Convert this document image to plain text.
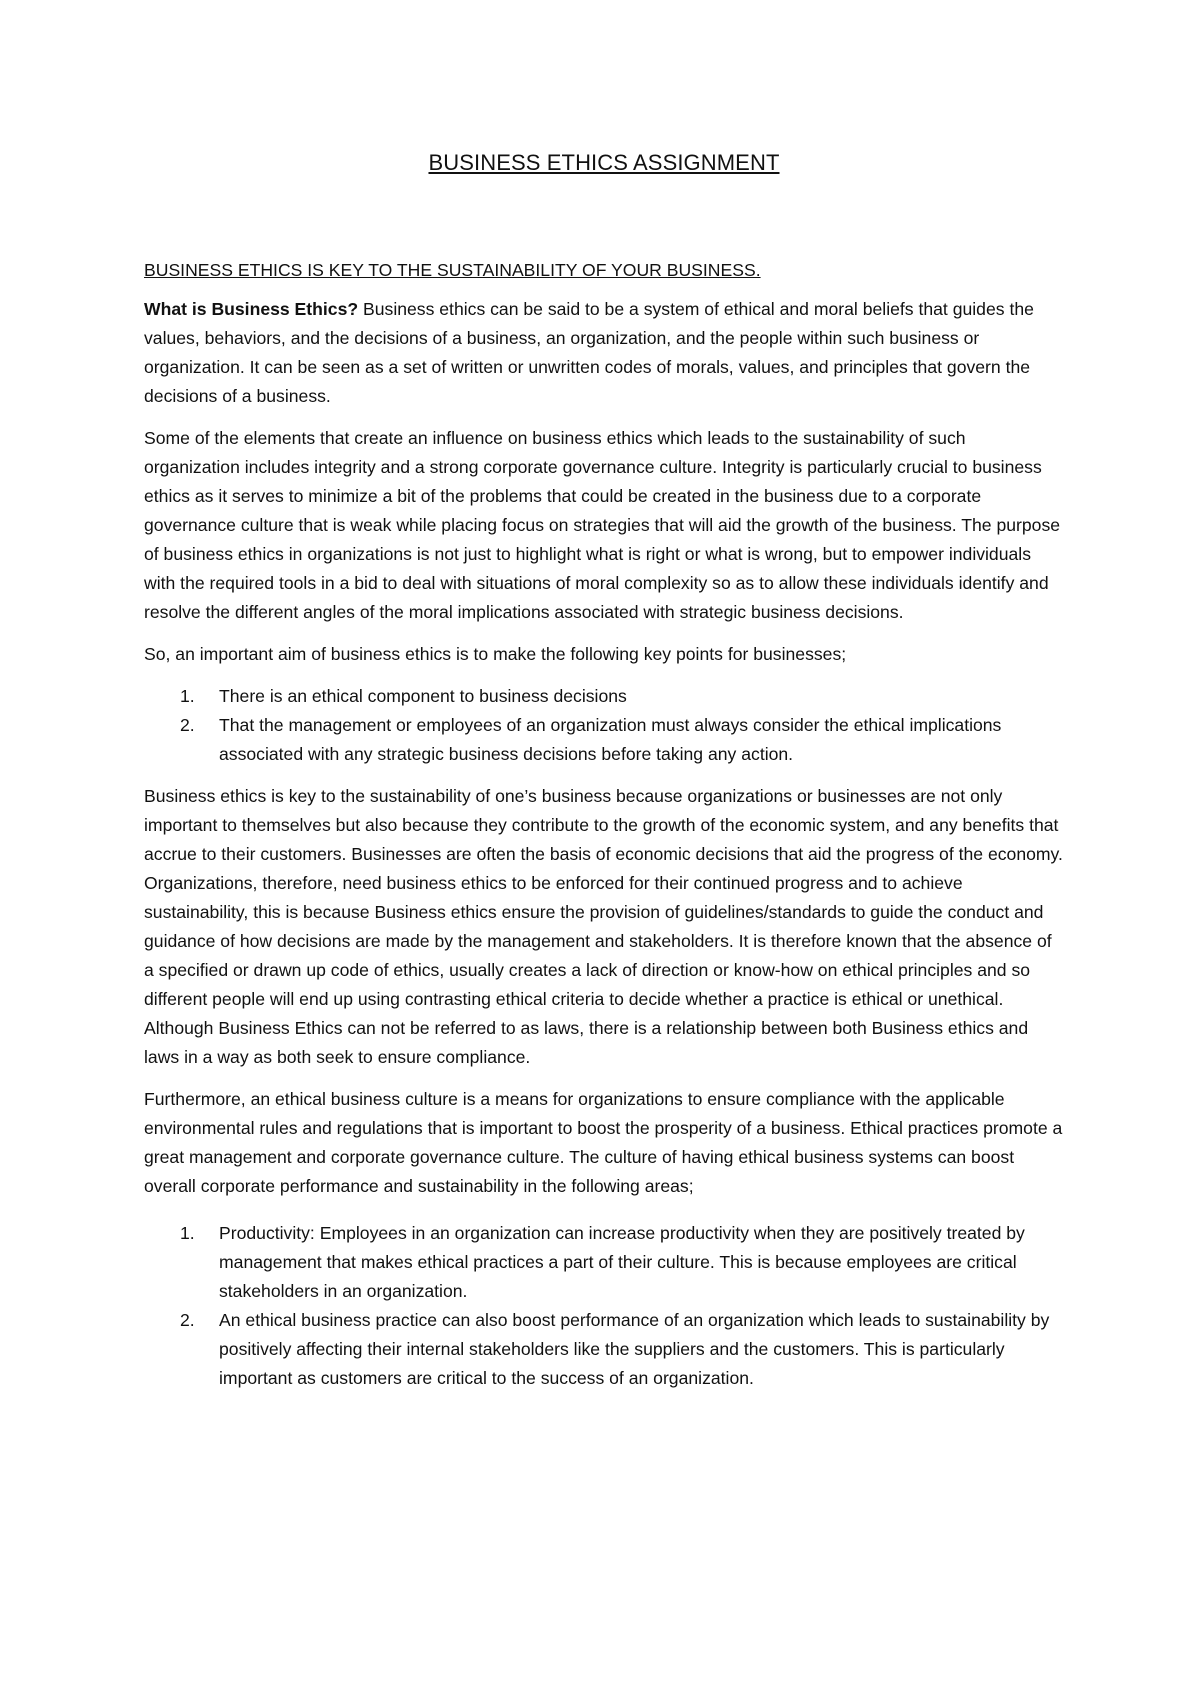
BUSINESS ETHICS ASSIGNMENT

BUSINESS ETHICS IS KEY TO THE SUSTAINABILITY OF YOUR BUSINESS.

What is Business Ethics? Business ethics can be said to be a system of ethical and moral beliefs that guides the values, behaviors, and the decisions of a business, an organization, and the people within such business or organization. It can be seen as a set of written or unwritten codes of morals, values, and principles that govern the decisions of a business.

Some of the elements that create an influence on business ethics which leads to the sustainability of such organization includes integrity and a strong corporate governance culture. Integrity is particularly crucial to business ethics as it serves to minimize a bit of the problems that could be created in the business due to a corporate governance culture that is weak while placing focus on strategies that will aid the growth of the business. The purpose of business ethics in organizations is not just to highlight what is right or what is wrong, but to empower individuals with the required tools in a bid to deal with situations of moral complexity so as to allow these individuals identify and resolve the different angles of the moral implications associated with strategic business decisions.

So, an important aim of business ethics is to make the following key points for businesses;

1. There is an ethical component to business decisions
2. That the management or employees of an organization must always consider the ethical implications associated with any strategic business decisions before taking any action.

Business ethics is key to the sustainability of one’s business because organizations or businesses are not only important to themselves but also because they contribute to the growth of the economic system, and any benefits that accrue to their customers. Businesses are often the basis of economic decisions that aid the progress of the economy. Organizations, therefore, need business ethics to be enforced for their continued progress and to achieve sustainability, this is because Business ethics ensure the provision of guidelines/standards to guide the conduct and guidance of how decisions are made by the management and stakeholders. It is therefore known that the absence of a specified or drawn up code of ethics, usually creates a lack of direction or know-how on ethical principles and so different people will end up using contrasting ethical criteria to decide whether a practice is ethical or unethical. Although Business Ethics can not be referred to as laws, there is a relationship between both Business ethics and laws in a way as both seek to ensure compliance.

Furthermore, an ethical business culture is a means for organizations to ensure compliance with the applicable environmental rules and regulations that is important to boost the prosperity of a business. Ethical practices promote a great management and corporate governance culture. The culture of having ethical business systems can boost overall corporate performance and sustainability in the following areas;

1. Productivity: Employees in an organization can increase productivity when they are positively treated by management that makes ethical practices a part of their culture. This is because employees are critical stakeholders in an organization.
2. An ethical business practice can also boost performance of an organization which leads to sustainability by positively affecting their internal stakeholders like the suppliers and the customers. This is particularly important as customers are critical to the success of an organization.
